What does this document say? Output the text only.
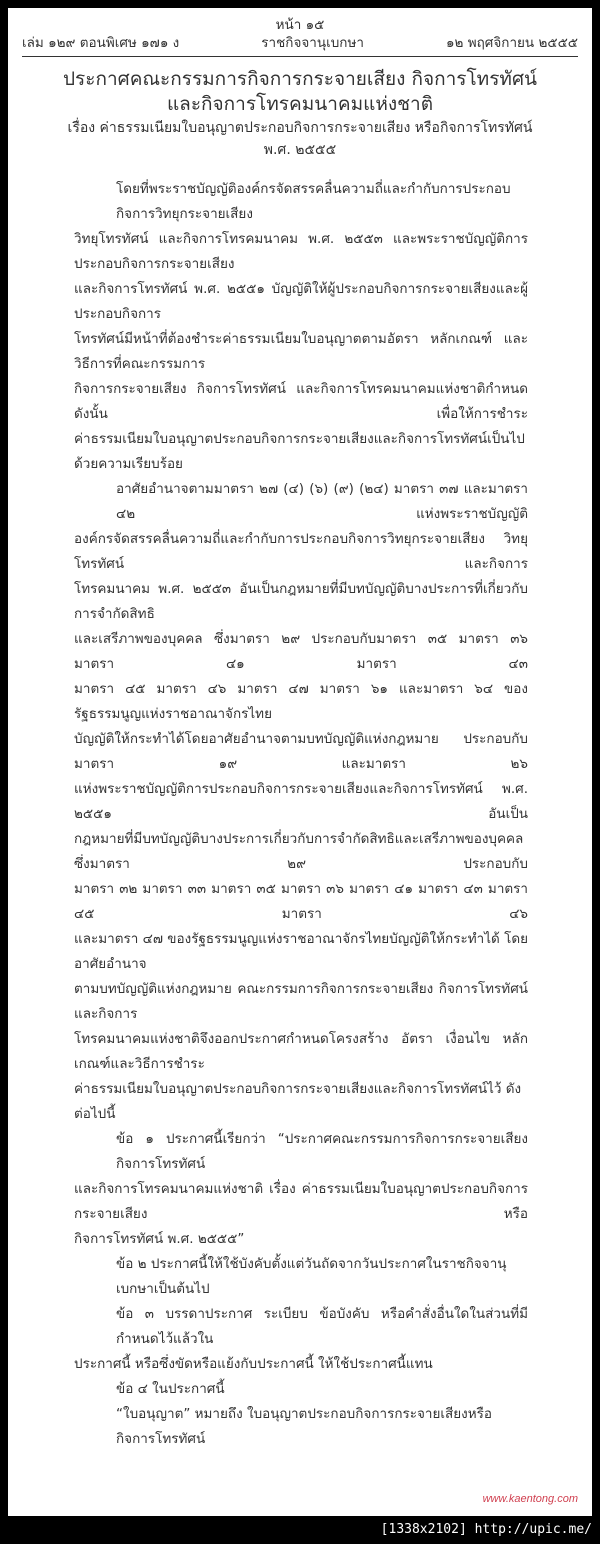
หน้า ๑๕
เล่ม ๑๒๙ ตอนพิเศษ ๑๗๑ ง	ราชกิจจานุเบกษา	๑๒ พฤศจิกายน ๒๕๕๕
ประกาศคณะกรรมการกิจการกระจายเสียง กิจการโทรทัศน์
และกิจการโทรคมนาคมแห่งชาติ
เรื่อง ค่าธรรมเนียมใบอนุญาตประกอบกิจการกระจายเสียง หรือกิจการโทรทัศน์
พ.ศ. ๒๕๕๕
โดยที่พระราชบัญญัติองค์กรจัดสรรคลื่นความถี่และกำกับการประกอบกิจการวิทยุกระจายเสียง
วิทยุโทรทัศน์ และกิจการโทรคมนาคม พ.ศ. ๒๕๕๓ และพระราชบัญญัติการประกอบกิจการกระจายเสียง
และกิจการโทรทัศน์ พ.ศ. ๒๕๕๑ บัญญัติให้ผู้ประกอบกิจการกระจายเสียงและผู้ประกอบกิจการ
โทรทัศน์มีหน้าที่ต้องชำระค่าธรรมเนียมใบอนุญาตตามอัตรา หลักเกณฑ์ และวิธีการที่คณะกรรมการ
กิจการกระจายเสียง กิจการโทรทัศน์ และกิจการโทรคมนาคมแห่งชาติกำหนด ดังนั้น เพื่อให้การชำระ
ค่าธรรมเนียมใบอนุญาตประกอบกิจการกระจายเสียงและกิจการโทรทัศน์เป็นไปด้วยความเรียบร้อย
อาศัยอำนาจตามมาตรา ๒๗ (๔) (๖) (๙) (๒๔) มาตรา ๓๗ และมาตรา ๔๒ แห่งพระราชบัญญัติ
องค์กรจัดสรรคลื่นความถี่และกำกับการประกอบกิจการวิทยุกระจายเสียง วิทยุโทรทัศน์ และกิจการ
โทรคมนาคม พ.ศ. ๒๕๕๓ อันเป็นกฎหมายที่มีบทบัญญัติบางประการที่เกี่ยวกับการจำกัดสิทธิ
และเสรีภาพของบุคคล ซึ่งมาตรา ๒๙ ประกอบกับมาตรา ๓๕ มาตรา ๓๖ มาตรา ๔๑ มาตรา ๔๓
มาตรา ๔๕ มาตรา ๔๖ มาตรา ๔๗ มาตรา ๖๑ และมาตรา ๖๔ ของรัฐธรรมนูญแห่งราชอาณาจักรไทย
บัญญัติให้กระทำได้โดยอาศัยอำนาจตามบทบัญญัติแห่งกฎหมาย ประกอบกับมาตรา ๑๙ และมาตรา ๒๖
แห่งพระราชบัญญัติการประกอบกิจการกระจายเสียงและกิจการโทรทัศน์ พ.ศ. ๒๕๕๑ อันเป็น
กฎหมายที่มีบทบัญญัติบางประการเกี่ยวกับการจำกัดสิทธิและเสรีภาพของบุคคล ซึ่งมาตรา ๒๙ ประกอบกับ
มาตรา ๓๒ มาตรา ๓๓ มาตรา ๓๕ มาตรา ๓๖ มาตรา ๔๑ มาตรา ๔๓ มาตรา ๔๕ มาตรา ๔๖
และมาตรา ๔๗ ของรัฐธรรมนูญแห่งราชอาณาจักรไทยบัญญัติให้กระทำได้ โดยอาศัยอำนาจ
ตามบทบัญญัติแห่งกฎหมาย คณะกรรมการกิจการกระจายเสียง กิจการโทรทัศน์ และกิจการ
โทรคมนาคมแห่งชาติจึงออกประกาศกำหนดโครงสร้าง อัตรา เงื่อนไข หลักเกณฑ์และวิธีการชำระ
ค่าธรรมเนียมใบอนุญาตประกอบกิจการกระจายเสียงและกิจการโทรทัศน์ไว้ ดังต่อไปนี้
ข้อ ๑ ประกาศนี้เรียกว่า “ประกาศคณะกรรมการกิจการกระจายเสียง กิจการโทรทัศน์
และกิจการโทรคมนาคมแห่งชาติ เรื่อง ค่าธรรมเนียมใบอนุญาตประกอบกิจการกระจายเสียง หรือ
กิจการโทรทัศน์ พ.ศ. ๒๕๕๕”
ข้อ ๒ ประกาศนี้ให้ใช้บังคับตั้งแต่วันถัดจากวันประกาศในราชกิจจานุเบกษาเป็นต้นไป
ข้อ ๓ บรรดาประกาศ ระเบียบ ข้อบังคับ หรือคำสั่งอื่นใดในส่วนที่มีกำหนดไว้แล้วใน
ประกาศนี้ หรือซึ่งขัดหรือแย้งกับประกาศนี้ ให้ใช้ประกาศนี้แทน
ข้อ ๔ ในประกาศนี้
“ใบอนุญาต” หมายถึง ใบอนุญาตประกอบกิจการกระจายเสียงหรือกิจการโทรทัศน์
www.kaentong.com
[1338x2102] http://upic.me/
